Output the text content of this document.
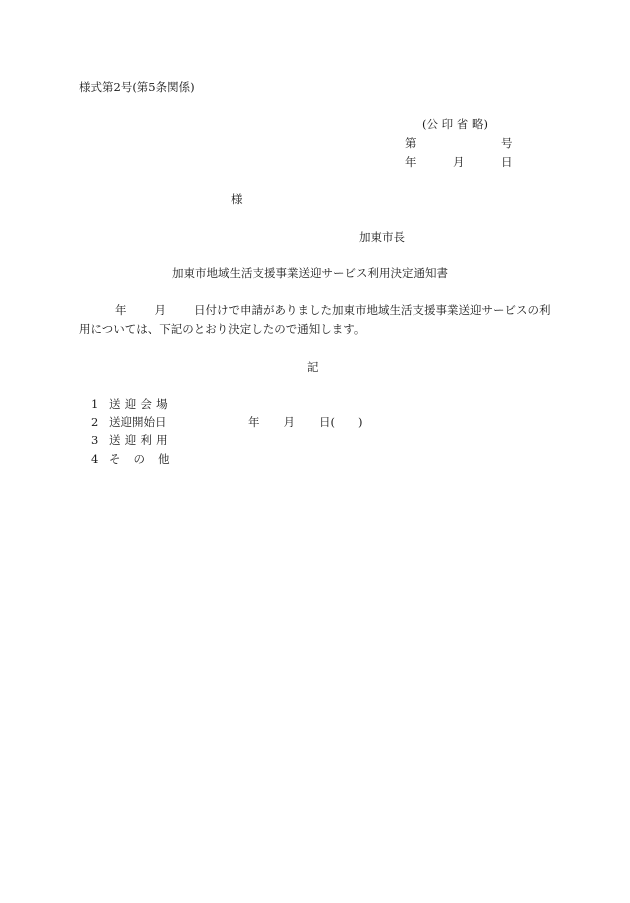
様式第2号(第5条関係)
(公 印 省 略)
第	号
年	月	日
様
加東市長
加東市地域生活支援事業送迎サービス利用決定通知書
年 月 日付けで申請がありました加東市地域生活支援事業送迎サービスの利
用については、下記のとおり決定したので通知します。
記
1 送迎会場
2 送迎開始日	年 月 日(　　)
3 送迎利用
4 その他
